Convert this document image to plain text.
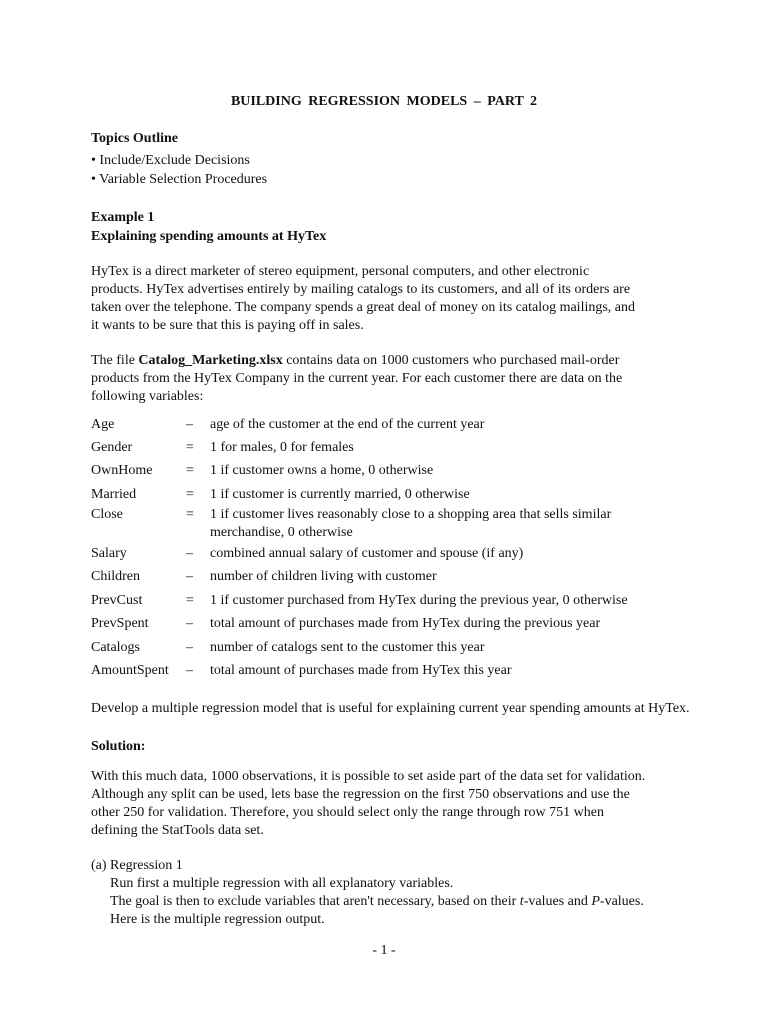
BUILDING REGRESSION MODELS – PART 2
Topics Outline
• Include/Exclude Decisions
• Variable Selection Procedures
Example 1
Explaining spending amounts at HyTex

HyTex is a direct marketer of stereo equipment, personal computers, and other electronic

products. HyTex advertises entirely by mailing catalogs to its customers, and all of its orders are

taken over the telephone. The company spends a great deal of money on its catalog mailings, and

it wants to be sure that this is paying off in sales.

The file Catalog_Marketing.xlsx contains data on 1000 customers who purchased mail-order

products from the HyTex Company in the current year. For each customer there are data on the

following variables:

Age	– age of the customer at the end of the current year
Gender	= 1 for males, 0 for females
OwnHome = 1 if customer owns a home, 0 otherwise
Married	= 1 if customer is currently married, 0 otherwise
Close	= 1 if customer lives reasonably close to a shopping area that sells similar
merchandise, 0 otherwise
Salary	– combined annual salary of customer and spouse (if any)
Children	– number of children living with customer
PrevCust	= 1 if customer purchased from HyTex during the previous year, 0 otherwise
PrevSpent	– total amount of purchases made from HyTex during the previous year
Catalogs	– number of catalogs sent to the customer this year
AmountSpent – total amount of purchases made from HyTex this year
Develop a multiple regression model that is useful for explaining current year spending amounts at HyTex.
Solution:

With this much data, 1000 observations, it is possible to set aside part of the data set for validation.

Although any split can be used, lets base the regression on the first 750 observations and use the

other 250 for validation. Therefore, you should select only the range through row 751 when

defining the StatTools data set.

(a) Regression 1
Run first a multiple regression with all explanatory variables.
The goal is then to exclude variables that aren't necessary, based on their t-values and P-values.
Here is the multiple regression output.
- 1 -
